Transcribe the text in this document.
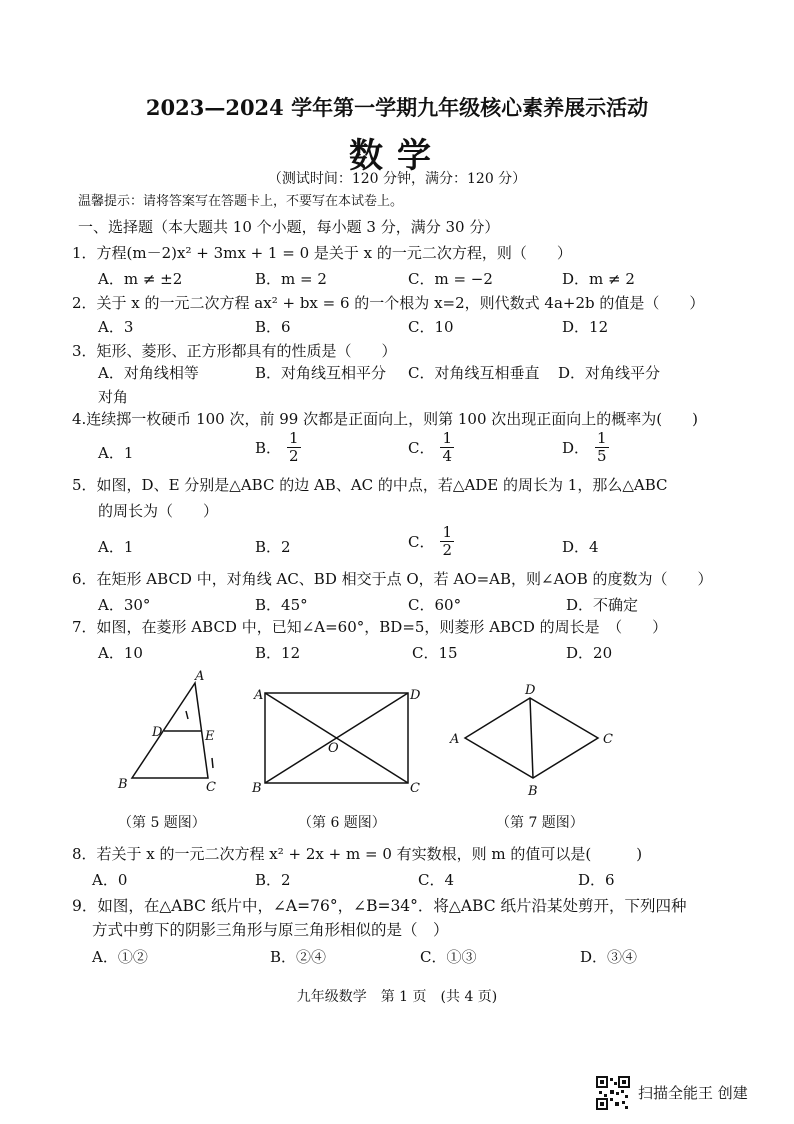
2023—2024 学年第一学期九年级核心素养展示活动
数学
（测试时间：120 分钟，满分：120 分）
温馨提示：请将答案写在答题卡上，不要写在本试卷上。
一、选择题（本大题共 10 个小题，每小题 3 分，满分 30 分）
1．方程(m－2)x² + 3mx + 1 = 0 是关于 x 的一元二次方程，则（　　）
A．m ≠ ±2	B．m = 2	C．m = −2	D．m ≠ 2
2．关于 x 的一元二次方程 ax² + bx = 6 的一个根为 x=2，则代数式 4a+2b 的值是（　　）
A．3	B．6	C．10	D．12
3．矩形、菱形、正方形都具有的性质是（　　）
A．对角线相等	B．对角线互相平分 C．对角线互相垂直 D．对角线平分
对角
4.连续掷一枚硬币 100 次，前 99 次都是正面向上，则第 100 次出现正面向上的概率为(　　)
A．1	B． $\frac{1}{2}$	C． $\frac{1}{4}$	D． $\frac{1}{5}$
5．如图，D、E 分别是△ABC 的边 AB、AC 的中点，若△ADE 的周长为 1，那么△ABC
的周长为（　　）
A．1	B．2	C． $\frac{1}{2}$	D．4
6．在矩形 ABCD 中，对角线 AC、BD 相交于点 O，若 AO=AB，则∠AOB 的度数为（　　）
A．30°	B．45°	C．60°	D．不确定
7．如图，在菱形 ABCD 中，已知∠A=60°，BD=5，则菱形 ABCD 的周长是　（　　）
A．10	B．12	C．15	D．20
A
B	C
D	E
A
B	C
D
O
A
B
C
D
（第 5 题图）	（第 6 题图）	（第 7 题图）
8．若关于 x 的一元二次方程 x² + 2x + m = 0 有实数根，则 m 的值可以是(　　　)
A．0	B．2	C．4	D．6
9．如图，在△ABC 纸片中，∠A=76°，∠B=34°．将△ABC 纸片沿某处剪开，下列四种
方式中剪下的阴影三角形与原三角形相似的是（　）
A．①②	B．②④	C．①③	D．③④
九年级数学　第 1 页　(共 4 页)
扫描全能王 创建
